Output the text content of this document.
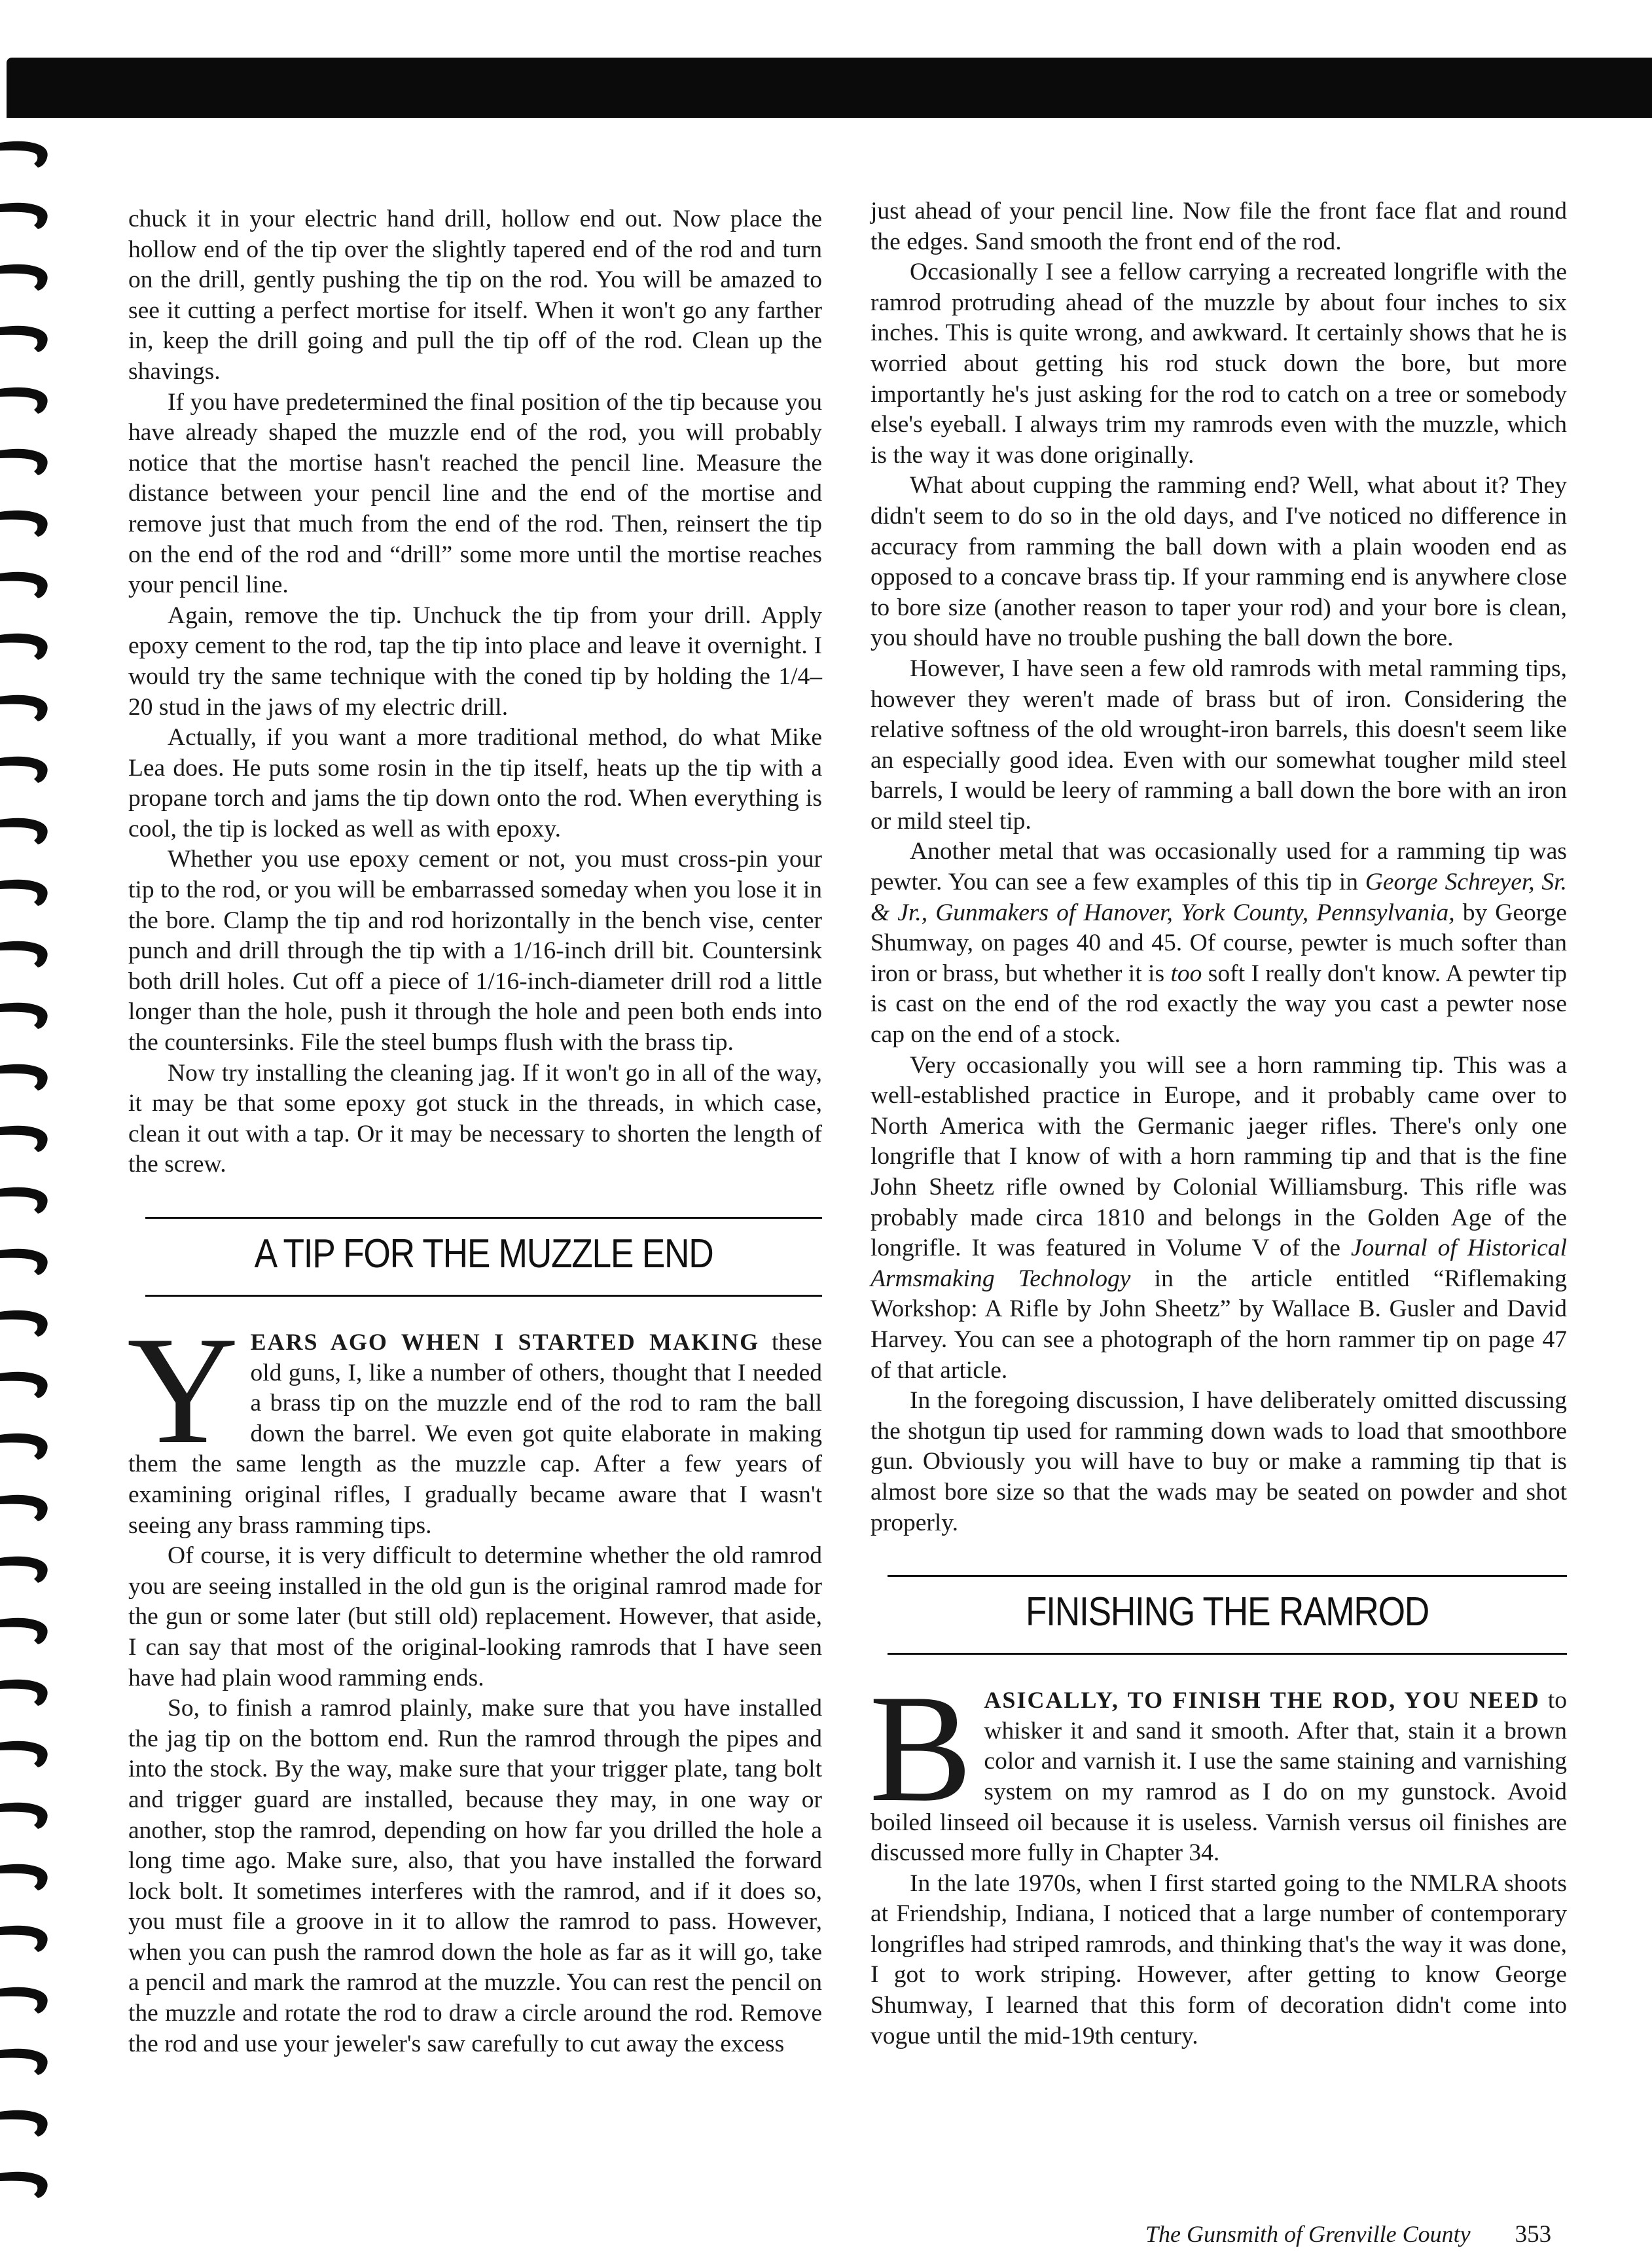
chuck it in your electric hand drill, hollow end out. Now place the hollow end of the tip over the slightly tapered end of the rod and turn on the drill, gently pushing the tip on the rod. You will be amazed to see it cutting a perfect mortise for itself. When it won't go any farther in, keep the drill going and pull the tip off of the rod. Clean up the shavings.

If you have predetermined the final position of the tip because you have already shaped the muzzle end of the rod, you will probably notice that the mortise hasn't reached the pencil line. Measure the distance between your pencil line and the end of the mortise and remove just that much from the end of the rod. Then, reinsert the tip on the end of the rod and “drill” some more until the mortise reaches your pencil line.

Again, remove the tip. Unchuck the tip from your drill. Apply epoxy cement to the rod, tap the tip into place and leave it overnight. I would try the same technique with the coned tip by holding the 1/4–20 stud in the jaws of my electric drill.

Actually, if you want a more traditional method, do what Mike Lea does. He puts some rosin in the tip itself, heats up the tip with a propane torch and jams the tip down onto the rod. When everything is cool, the tip is locked as well as with epoxy.

Whether you use epoxy cement or not, you must cross-pin your tip to the rod, or you will be embarrassed someday when you lose it in the bore. Clamp the tip and rod horizontally in the bench vise, center punch and drill through the tip with a 1/16-inch drill bit. Countersink both drill holes. Cut off a piece of 1/16-inch-diameter drill rod a little longer than the hole, push it through the hole and peen both ends into the countersinks. File the steel bumps flush with the brass tip.

Now try installing the cleaning jag. If it won't go in all of the way, it may be that some epoxy got stuck in the threads, in which case, clean it out with a tap. Or it may be necessary to shorten the length of the screw.

A TIP FOR THE MUZZLE END

YEARS AGO WHEN I STARTED MAKING these old guns, I, like a number of others, thought that I needed a brass tip on the muzzle end of the rod to ram the ball down the barrel. We even got quite elaborate in making them the same length as the muzzle cap. After a few years of examining original rifles, I gradually became aware that I wasn't seeing any brass ramming tips.

Of course, it is very difficult to determine whether the old ramrod you are seeing installed in the old gun is the original ramrod made for the gun or some later (but still old) replacement. However, that aside, I can say that most of the original-looking ramrods that I have seen have had plain wood ramming ends.

So, to finish a ramrod plainly, make sure that you have installed the jag tip on the bottom end. Run the ramrod through the pipes and into the stock. By the way, make sure that your trigger plate, tang bolt and trigger guard are installed, because they may, in one way or another, stop the ramrod, depending on how far you drilled the hole a long time ago. Make sure, also, that you have installed the forward lock bolt. It sometimes interferes with the ramrod, and if it does so, you must file a groove in it to allow the ramrod to pass. However, when you can push the ramrod down the hole as far as it will go, take a pencil and mark the ramrod at the muzzle. You can rest the pencil on the muzzle and rotate the rod to draw a circle around the rod. Remove the rod and use your jeweler's saw carefully to cut away the excess

just ahead of your pencil line. Now file the front face flat and round the edges. Sand smooth the front end of the rod.

Occasionally I see a fellow carrying a recreated longrifle with the ramrod protruding ahead of the muzzle by about four inches to six inches. This is quite wrong, and awkward. It certainly shows that he is worried about getting his rod stuck down the bore, but more importantly he's just asking for the rod to catch on a tree or somebody else's eyeball. I always trim my ramrods even with the muzzle, which is the way it was done originally.

What about cupping the ramming end? Well, what about it? They didn't seem to do so in the old days, and I've noticed no difference in accuracy from ramming the ball down with a plain wooden end as opposed to a concave brass tip. If your ramming end is anywhere close to bore size (another reason to taper your rod) and your bore is clean, you should have no trouble pushing the ball down the bore.

However, I have seen a few old ramrods with metal ramming tips, however they weren't made of brass but of iron. Considering the relative softness of the old wrought-iron barrels, this doesn't seem like an especially good idea. Even with our somewhat tougher mild steel barrels, I would be leery of ramming a ball down the bore with an iron or mild steel tip.

Another metal that was occasionally used for a ramming tip was pewter. You can see a few examples of this tip in George Schreyer, Sr. & Jr., Gunmakers of Hanover, York County, Pennsylvania, by George Shumway, on pages 40 and 45. Of course, pewter is much softer than iron or brass, but whether it is too soft I really don't know. A pewter tip is cast on the end of the rod exactly the way you cast a pewter nose cap on the end of a stock.

Very occasionally you will see a horn ramming tip. This was a well-established practice in Europe, and it probably came over to North America with the Germanic jaeger rifles. There's only one longrifle that I know of with a horn ramming tip and that is the fine John Sheetz rifle owned by Colonial Williamsburg. This rifle was probably made circa 1810 and belongs in the Golden Age of the longrifle. It was featured in Volume V of the Journal of Historical Armsmaking Technology in the article entitled “Riflemaking Workshop: A Rifle by John Sheetz” by Wallace B. Gusler and David Harvey. You can see a photograph of the horn rammer tip on page 47 of that article.

In the foregoing discussion, I have deliberately omitted discussing the shotgun tip used for ramming down wads to load that smoothbore gun. Obviously you will have to buy or make a ramming tip that is almost bore size so that the wads may be seated on powder and shot properly.

FINISHING THE RAMROD

BASICALLY, TO FINISH THE ROD, YOU NEED to whisker it and sand it smooth. After that, stain it a brown color and varnish it. I use the same staining and varnishing system on my ramrod as I do on my gunstock. Avoid boiled linseed oil because it is useless. Varnish versus oil finishes are discussed more fully in Chapter 34.

In the late 1970s, when I first started going to the NMLRA shoots at Friendship, Indiana, I noticed that a large number of contemporary longrifles had striped ramrods, and thinking that's the way it was done, I got to work striping. However, after getting to know George Shumway, I learned that this form of decoration didn't come into vogue until the mid-19th century.

The Gunsmith of Grenville County 353
